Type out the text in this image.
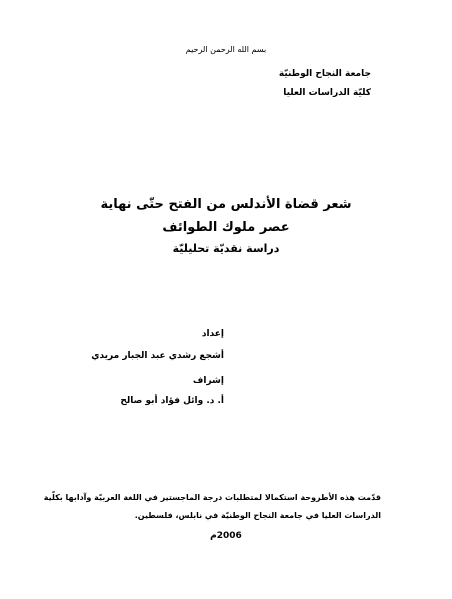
بسم الله الرحمن الرحيم
جامعة النجاح الوطنيّة
كليّة الدراسات العليا
شعر قضاة الأندلس من الفتح حتّى نهاية
عصر ملوك الطوائف
دراسة نقديّة تحليليّة
إعداد
أشجع رشدي عبد الجبار مريدي
إشراف
أ. د. وائل فؤاد أبو صالح
قدّمت هذه الأطروحة استكمالا لمتطلبات درجة الماجستير في اللغة العربيّة وآدابها بكلّية
الدراسات العليا في جامعة النجاح الوطنيّة في نابلس، فلسطين.
2006م
